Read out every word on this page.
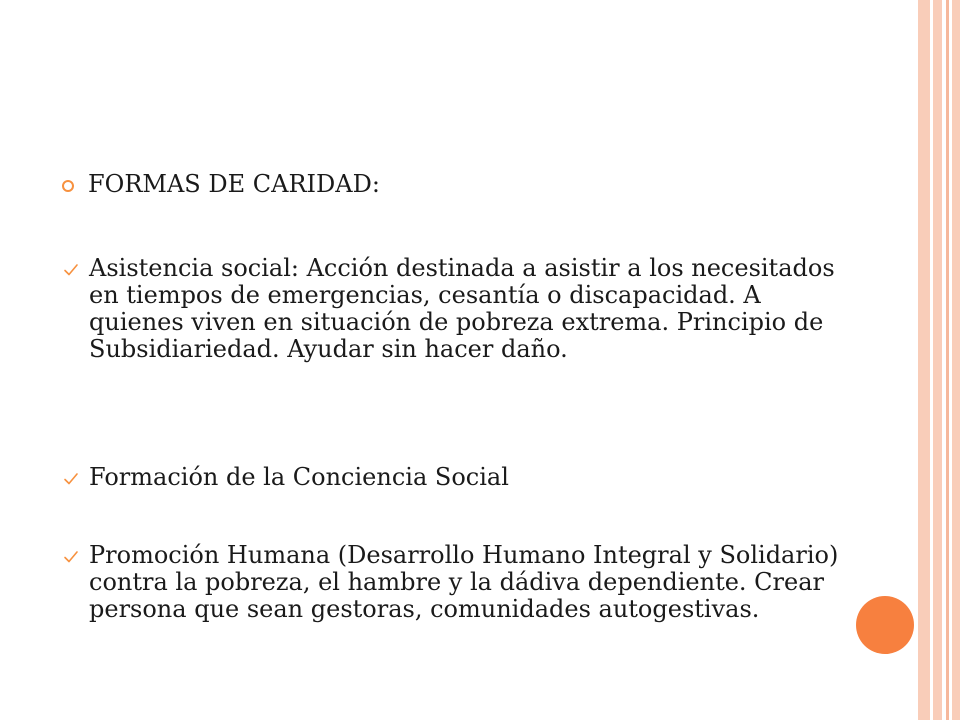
FORMAS DE CARIDAD:
Asistencia social: Acción destinada a asistir a los necesitados en tiempos de emergencias, cesantía o discapacidad. A quienes viven en situación de pobreza extrema. Principio de Subsidiariedad. Ayudar sin hacer daño.
Formación de la Conciencia Social
Promoción Humana (Desarrollo Humano Integral y Solidario) contra la pobreza, el hambre y la dádiva dependiente. Crear persona que sean gestoras, comunidades autogestivas.
